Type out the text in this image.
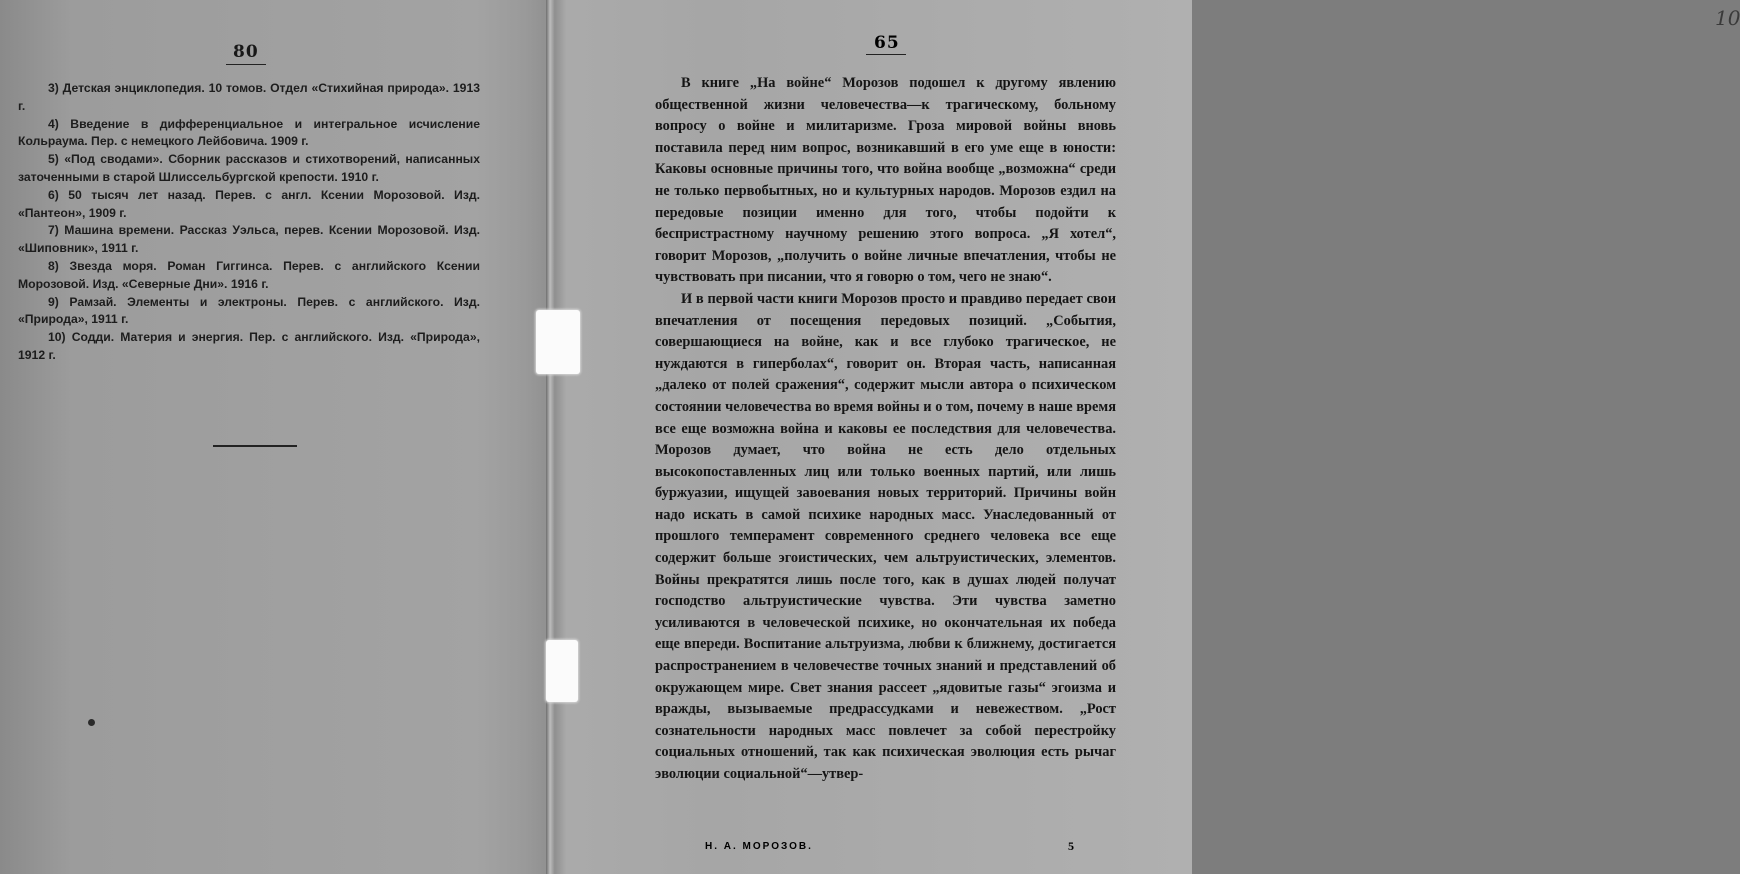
80
3) Детская энциклопедия. 10 томов. Отдел «Стихийная природа». 1913 г.
4) Введение в дифференциальное и интегральное исчисление Кольраума. Пер. с немецкого Лейбовича. 1909 г.
5) «Под сводами». Сборник рассказов и стихотворений, написанных заточенными в старой Шлиссельбургской крепости. 1910 г.
6) 50 тысяч лет назад. Перев. с англ. Ксении Морозовой. Изд. «Пантеон», 1909 г.
7) Машина времени. Рассказ Уэльса, перев. Ксении Морозовой. Изд. «Шиповник», 1911 г.
8) Звезда моря. Роман Гиггинса. Перев. с английского Ксении Морозовой. Изд. «Северные Дни». 1916 г.
9) Рамзай. Элементы и электроны. Перев. с английского. Изд. «Природа», 1911 г.
10) Содди. Материя и энергия. Пер. с английского. Изд. «Природа», 1912 г.
10
65

В книге „На войне“ Морозов подошел к другому явлению общественной жизни человечества—к трагическому, больному вопросу о войне и милитаризме. Гроза мировой войны вновь поставила перед ним вопрос, возникавший в его уме еще в юности: Каковы основные причины того, что война вообще „возможна“ среди не только первобытных, но и культурных народов. Морозов ездил на передовые позиции именно для того, чтобы подойти к беспристрастному научному решению этого вопроса. „Я хотел“, говорит Морозов, „получить о войне личные впечатления, чтобы не чувствовать при писании, что я говорю о том, чего не знаю“.

И в первой части книги Морозов просто и правдиво передает свои впечатления от посещения передовых позиций. „События, совершающиеся на войне, как и все глубоко трагическое, не нуждаются в гиперболах“, говорит он. Вторая часть, написанная „далеко от полей сражения“, содержит мысли автора о психическом состоянии человечества во время войны и о том, почему в наше время все еще возможна война и каковы ее последствия для человечества. Морозов думает, что война не есть дело отдельных высокопоставленных лиц или только военных партий, или лишь буржуазии, ищущей завоевания новых территорий. Причины войн надо искать в самой психике народных масс. Унаследованный от прошлого темперамент современного среднего человека все еще содержит больше эгоистических, чем альтруистических, элементов. Войны прекратятся лишь после того, как в душах людей получат господство альтруистические чувства. Эти чувства заметно усиливаются в человеческой психике, но окончательная их победа еще впереди. Воспитание альтруизма, любви к ближнему, достигается распространением в человечестве точных знаний и представлений об окружающем мире. Свет знания рассеет „ядовитые газы“ эгоизма и вражды, вызываемые предрассудками и невежеством. „Рост сознательности народных масс повлечет за собой перестройку социальных отношений, так как психическая эволюция есть рычаг эволюции социальной“—утвер-

Н. А. МОРОЗОВ.	5
